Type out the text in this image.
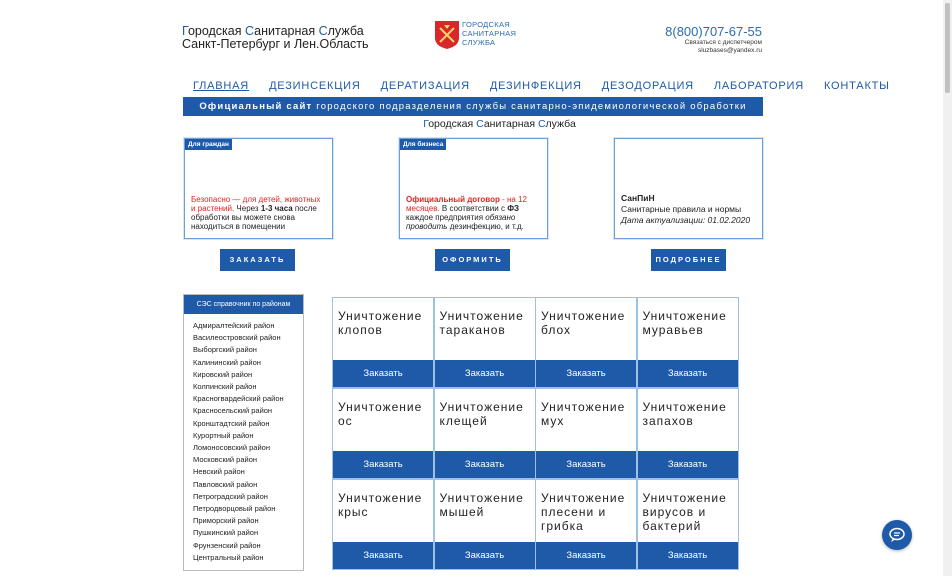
Городская Санитарная Служба
Санкт-Петербург и Лен.Область
ГОРОДСКАЯ
САНИТАРНАЯ
СЛУЖБА
8(800)707-67-55
Связаться с диспетчером
sluzbases@yandex.ru
ГЛАВНАЯ	ДЕЗИНСЕКЦИЯ	ДЕРАТИЗАЦИЯ	ДЕЗИНФЕКЦИЯ	ДЕЗОДОРАЦИЯ	ЛАБОРАТОРИЯ	КОНТАКТЫ
Официальный сайт городского подразделения службы санитарно-эпидемиологической обработки
Городская Санитарная Служба
Для граждан
Безопасно — для детей, животных и растений. Через 1-3 часа после обработки вы можете снова находиться в помещении
Для бизнеса
Официальный договор - на 12 месяцев. В соответствии с ФЗ каждое предприятия обязано проводить дезинфекцию, и т.д.
СанПиН
Санитарные правила и нормы
Дата актуализации: 01.02.2020
ЗАКАЗАТЬ	ОФОРМИТЬ	ПОДРОБНЕЕ
СЭС справочник по районам
Адмиралтейский район
Василеостровский район
Выборгский район
Калининский район
Кировский район
Колпинский район
Красногвардейский район
Красносельский район
Кронштадтский район
Курортный район
Ломоносовский район
Московский район
Невский район
Павловский район
Петроградский район
Петродворцовый район
Приморский район
Пушкинский район
Фрунзенский район
Центральный район
Уничтожение
клопов
Заказать
Уничтожение
тараканов
Заказать
Уничтожение
блох
Заказать
Уничтожение
муравьев
Заказать
Уничтожение
ос
Заказать
Уничтожение
клещей
Заказать
Уничтожение
мух
Заказать
Уничтожение
запахов
Заказать
Уничтожение
крыс
Заказать
Уничтожение
мышей
Заказать
Уничтожение
плесени и
грибка
Заказать
Уничтожение
вирусов и
бактерий
Заказать
